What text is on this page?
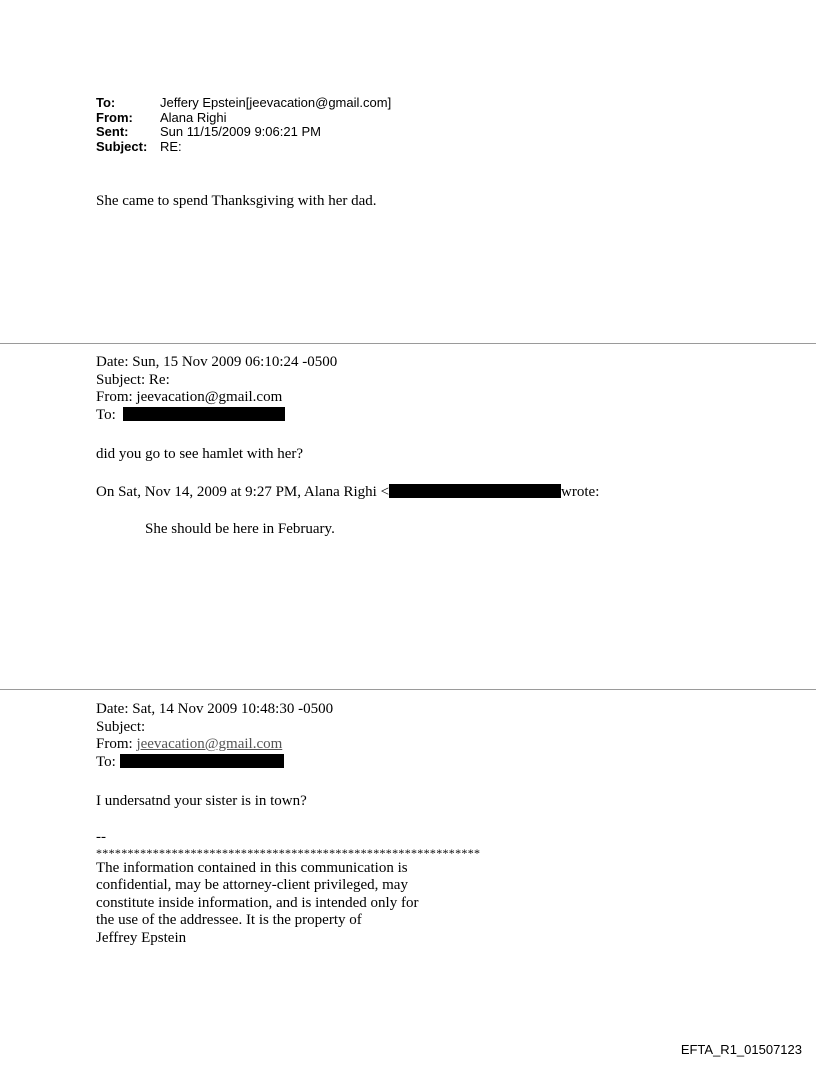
To:	Jeffery Epstein[jeevacation@gmail.com]
From:	Alana Righi
Sent:	Sun 11/15/2009 9:06:21 PM
Subject: RE:
She came to spend Thanksgiving with her dad.
Date: Sun, 15 Nov 2009 06:10:24 -0500
Subject: Re:
From: jeevacation@gmail.com
To:
did you go to see hamlet with her?
On Sat, Nov 14, 2009 at 9:27 PM, Alana Righi <	wrote:
She should be here in February.
Date: Sat, 14 Nov 2009 10:48:30 -0500
Subject:
From: jeevacation@gmail.com
To:
I undersatnd your sister is in town?
--
*************************************************************
The information contained in this communication is
confidential, may be attorney-client privileged, may
constitute inside information, and is intended only for
the use of the addressee. It is the property of
Jeffrey Epstein
EFTA_R1_01507123
